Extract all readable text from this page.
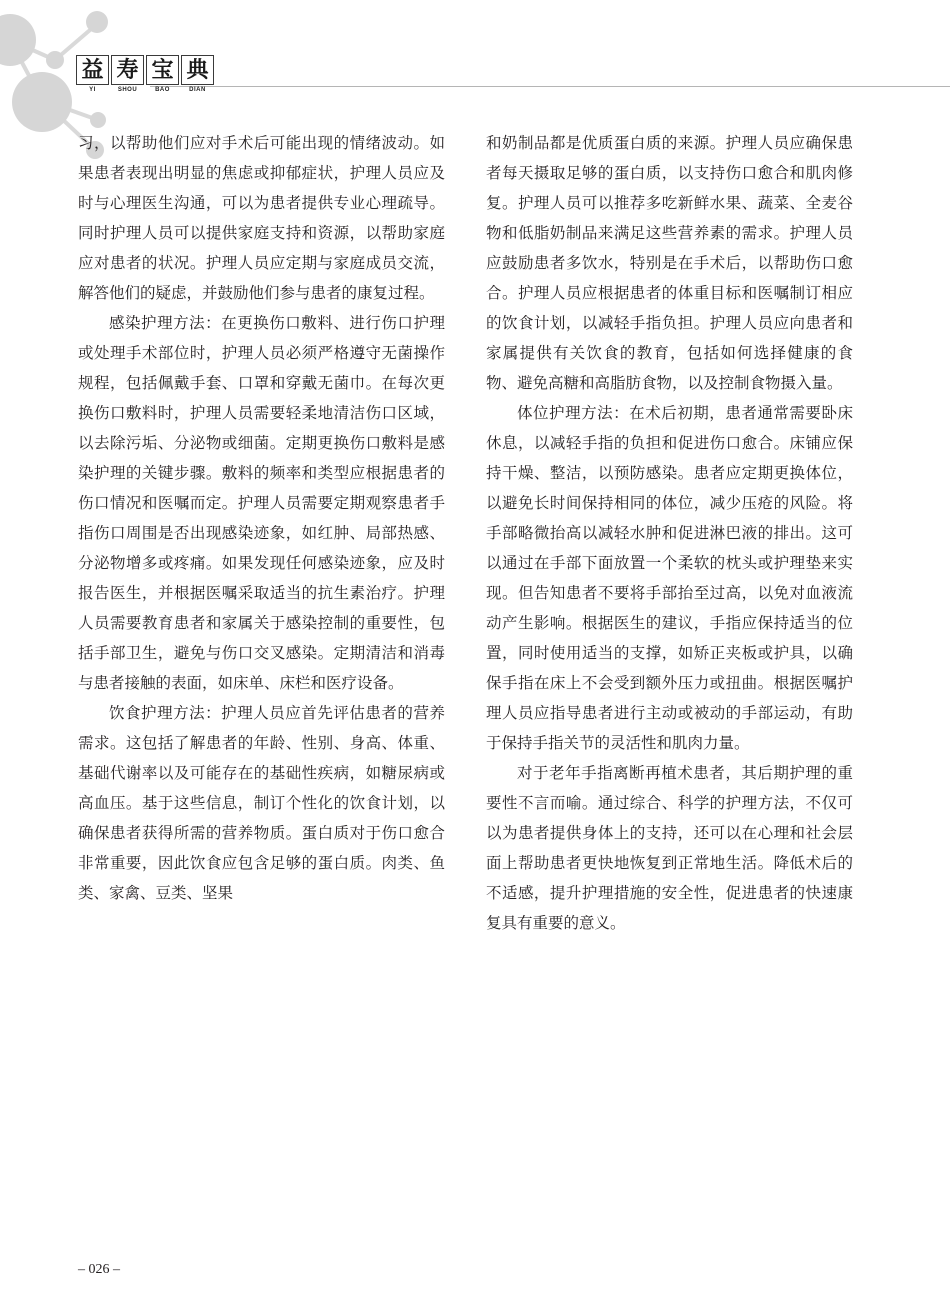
益 寿 宝 典
YI	SHOU	BAO	DIAN

习，以帮助他们应对手术后可能出现的情绪波动。如果患者表现出明显的焦虑或抑郁症状，护理人员应及时与心理医生沟通，可以为患者提供专业心理疏导。同时护理人员可以提供家庭支持和资源，以帮助家庭应对患者的状况。护理人员应定期与家庭成员交流，解答他们的疑虑，并鼓励他们参与患者的康复过程。

感染护理方法：在更换伤口敷料、进行伤口护理或处理手术部位时，护理人员必须严格遵守无菌操作规程，包括佩戴手套、口罩和穿戴无菌巾。在每次更换伤口敷料时，护理人员需要轻柔地清洁伤口区域，以去除污垢、分泌物或细菌。定期更换伤口敷料是感染护理的关键步骤。敷料的频率和类型应根据患者的伤口情况和医嘱而定。护理人员需要定期观察患者手指伤口周围是否出现感染迹象，如红肿、局部热感、分泌物增多或疼痛。如果发现任何感染迹象，应及时报告医生，并根据医嘱采取适当的抗生素治疗。护理人员需要教育患者和家属关于感染控制的重要性，包括手部卫生，避免与伤口交叉感染。定期清洁和消毒与患者接触的表面，如床单、床栏和医疗设备。

饮食护理方法：护理人员应首先评估患者的营养需求。这包括了解患者的年龄、性别、身高、体重、基础代谢率以及可能存在的基础性疾病，如糖尿病或高血压。基于这些信息，制订个性化的饮食计划，以确保患者获得所需的营养物质。蛋白质对于伤口愈合非常重要，因此饮食应包含足够的蛋白质。肉类、鱼类、家禽、豆类、坚果

和奶制品都是优质蛋白质的来源。护理人员应确保患者每天摄取足够的蛋白质，以支持伤口愈合和肌肉修复。护理人员可以推荐多吃新鲜水果、蔬菜、全麦谷物和低脂奶制品来满足这些营养素的需求。护理人员应鼓励患者多饮水，特别是在手术后，以帮助伤口愈合。护理人员应根据患者的体重目标和医嘱制订相应的饮食计划，以减轻手指负担。护理人员应向患者和家属提供有关饮食的教育，包括如何选择健康的食物、避免高糖和高脂肪食物，以及控制食物摄入量。

体位护理方法：在术后初期，患者通常需要卧床休息，以减轻手指的负担和促进伤口愈合。床铺应保持干燥、整洁，以预防感染。患者应定期更换体位，以避免长时间保持相同的体位，减少压疮的风险。将手部略微抬高以减轻水肿和促进淋巴液的排出。这可以通过在手部下面放置一个柔软的枕头或护理垫来实现。但告知患者不要将手部抬至过高，以免对血液流动产生影响。根据医生的建议，手指应保持适当的位置，同时使用适当的支撑，如矫正夹板或护具，以确保手指在床上不会受到额外压力或扭曲。根据医嘱护理人员应指导患者进行主动或被动的手部运动，有助于保持手指关节的灵活性和肌肉力量。

对于老年手指离断再植术患者，其后期护理的重要性不言而喻。通过综合、科学的护理方法，不仅可以为患者提供身体上的支持，还可以在心理和社会层面上帮助患者更快地恢复到正常地生活。降低术后的不适感，提升护理措施的安全性，促进患者的快速康复具有重要的意义。

– 026 –
